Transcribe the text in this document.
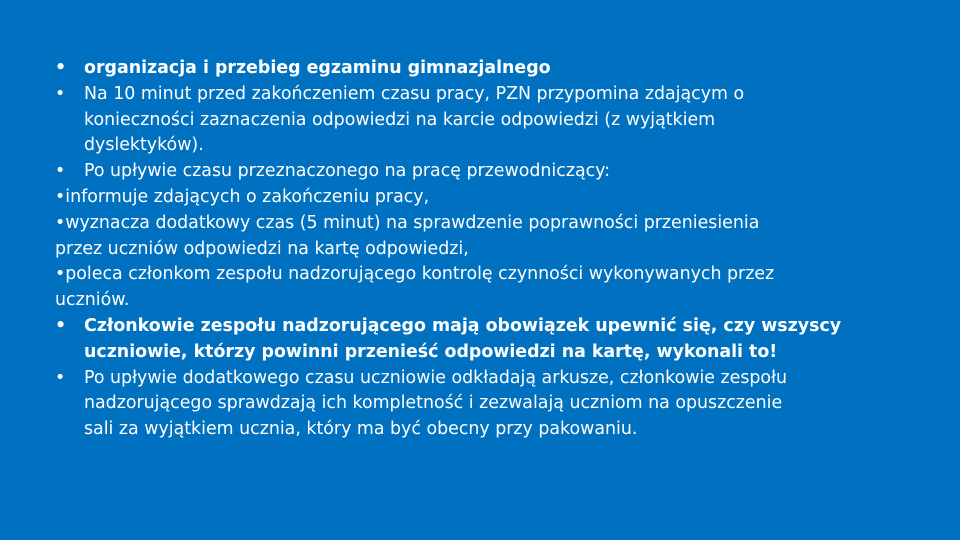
• organizacja i przebieg egzaminu gimnazjalnego
• Na 10 minut przed zakończeniem czasu pracy, PZN przypomina zdającym o
konieczności zaznaczenia odpowiedzi na karcie odpowiedzi (z wyjątkiem
dyslektyków).
• Po upływie czasu przeznaczonego na pracę przewodniczący:
•informuje zdających o zakończeniu pracy,
•wyznacza dodatkowy czas (5 minut) na sprawdzenie poprawności przeniesienia
przez uczniów odpowiedzi na kartę odpowiedzi,
•poleca członkom zespołu nadzorującego kontrolę czynności wykonywanych przez
uczniów.
• Członkowie zespołu nadzorującego mają obowiązek upewnić się, czy wszyscy
uczniowie, którzy powinni przenieść odpowiedzi na kartę, wykonali to!
• Po upływie dodatkowego czasu uczniowie odkładają arkusze, członkowie zespołu
nadzorującego sprawdzają ich kompletność i zezwalają uczniom na opuszczenie
sali za wyjątkiem ucznia, który ma być obecny przy pakowaniu.
